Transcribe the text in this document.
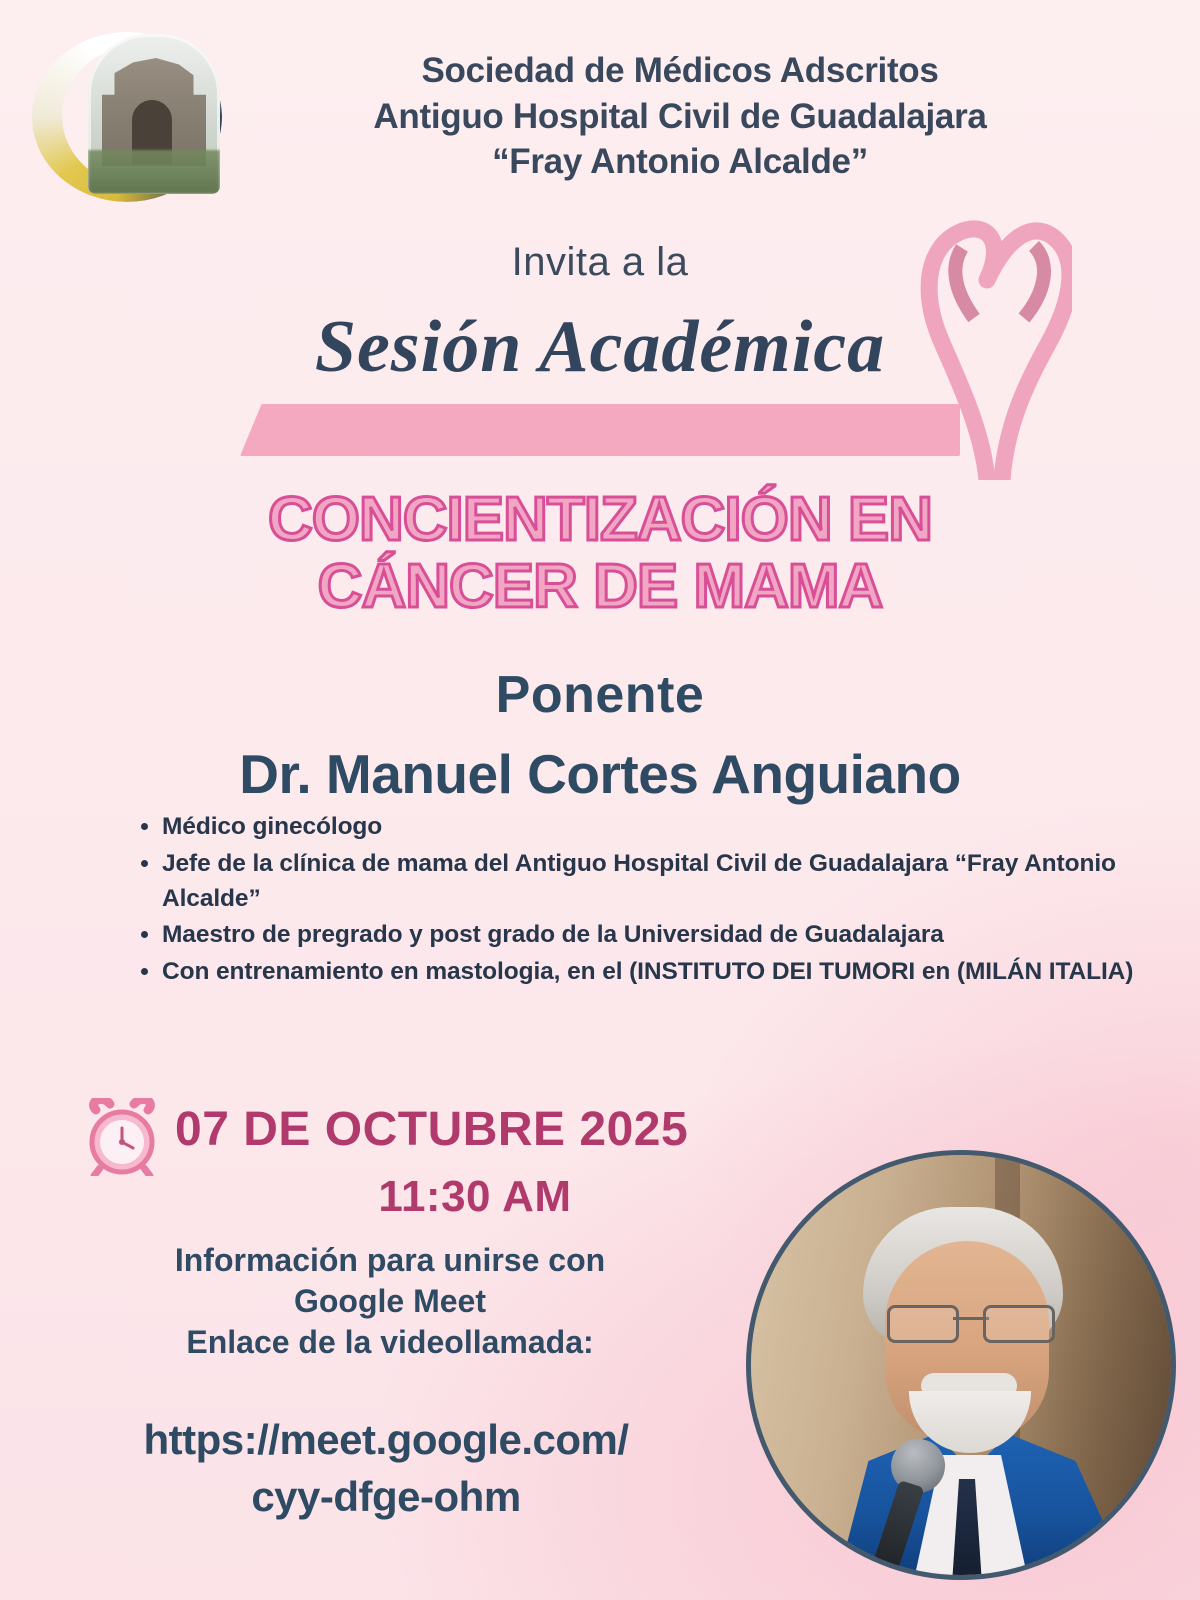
Sociedad de Médicos Adscritos
Antiguo Hospital Civil de Guadalajara
“Fray Antonio Alcalde”
Invita a la
Sesión Académica
CONCIENTIZACIÓN EN
CÁNCER DE MAMA
Ponente
Dr. Manuel Cortes Anguiano
• Médico ginecólogo
• Jefe de la clínica de mama del Antiguo Hospital Civil de Guadalajara “Fray Antonio Alcalde”
• Maestro de pregrado y post grado de la Universidad de Guadalajara
• Con entrenamiento en mastologia, en el (INSTITUTO DEI TUMORI en (MILÁN ITALIA)
07 DE OCTUBRE 2025
11:30 AM
Información para unirse con
Google Meet
Enlace de la videollamada:
https://meet.google.com/
cyy-dfge-ohm
